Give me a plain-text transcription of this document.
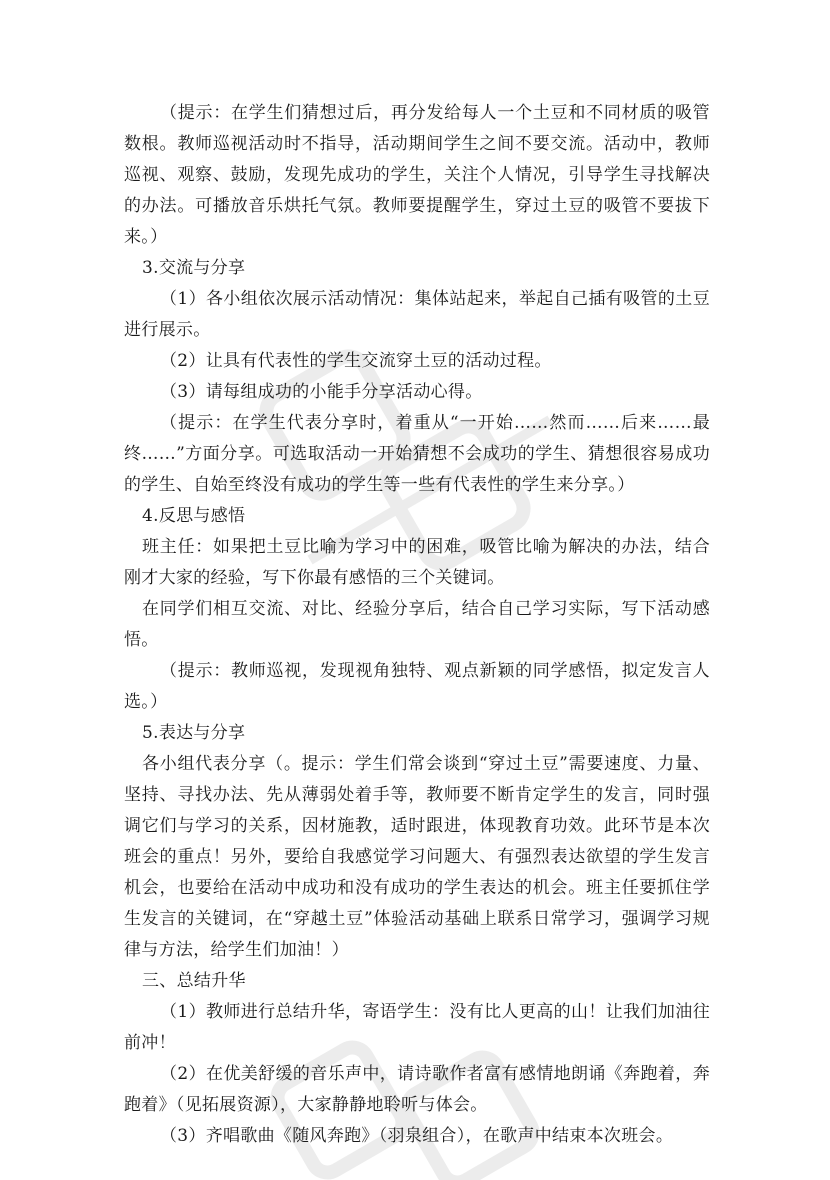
（提示：在学生们猜想过后，再分发给每人一个土豆和不同材质的吸管数根。教师巡视活动时不指导，活动期间学生之间不要交流。活动中，教师巡视、观察、鼓励，发现先成功的学生，关注个人情况，引导学生寻找解决的办法。可播放音乐烘托气氛。教师要提醒学生，穿过土豆的吸管不要拔下来。）

3.交流与分享

（1）各小组依次展示活动情况：集体站起来，举起自己插有吸管的土豆进行展示。

（2）让具有代表性的学生交流穿土豆的活动过程。

（3）请每组成功的小能手分享活动心得。

（提示：在学生代表分享时，着重从“一开始……然而……后来……最终……”方面分享。可选取活动一开始猜想不会成功的学生、猜想很容易成功的学生、自始至终没有成功的学生等一些有代表性的学生来分享。）

4.反思与感悟

班主任：如果把土豆比喻为学习中的困难，吸管比喻为解决的办法，结合刚才大家的经验，写下你最有感悟的三个关键词。

在同学们相互交流、对比、经验分享后，结合自己学习实际，写下活动感悟。

（提示：教师巡视，发现视角独特、观点新颖的同学感悟，拟定发言人选。）

5.表达与分享

各小组代表分享（。提示：学生们常会谈到“穿过土豆”需要速度、力量、坚持、寻找办法、先从薄弱处着手等，教师要不断肯定学生的发言，同时强调它们与学习的关系，因材施教，适时跟进，体现教育功效。此环节是本次班会的重点！另外，要给自我感觉学习问题大、有强烈表达欲望的学生发言机会，也要给在活动中成功和没有成功的学生表达的机会。班主任要抓住学生发言的关键词，在“穿越土豆”体验活动基础上联系日常学习，强调学习规律与方法，给学生们加油！）

三、总结升华

（1）教师进行总结升华，寄语学生：没有比人更高的山！让我们加油往前冲！

（2）在优美舒缓的音乐声中，请诗歌作者富有感情地朗诵《奔跑着，奔跑着》（见拓展资源），大家静静地聆听与体会。

（3）齐唱歌曲《随风奔跑》（羽泉组合），在歌声中结束本次班会。
